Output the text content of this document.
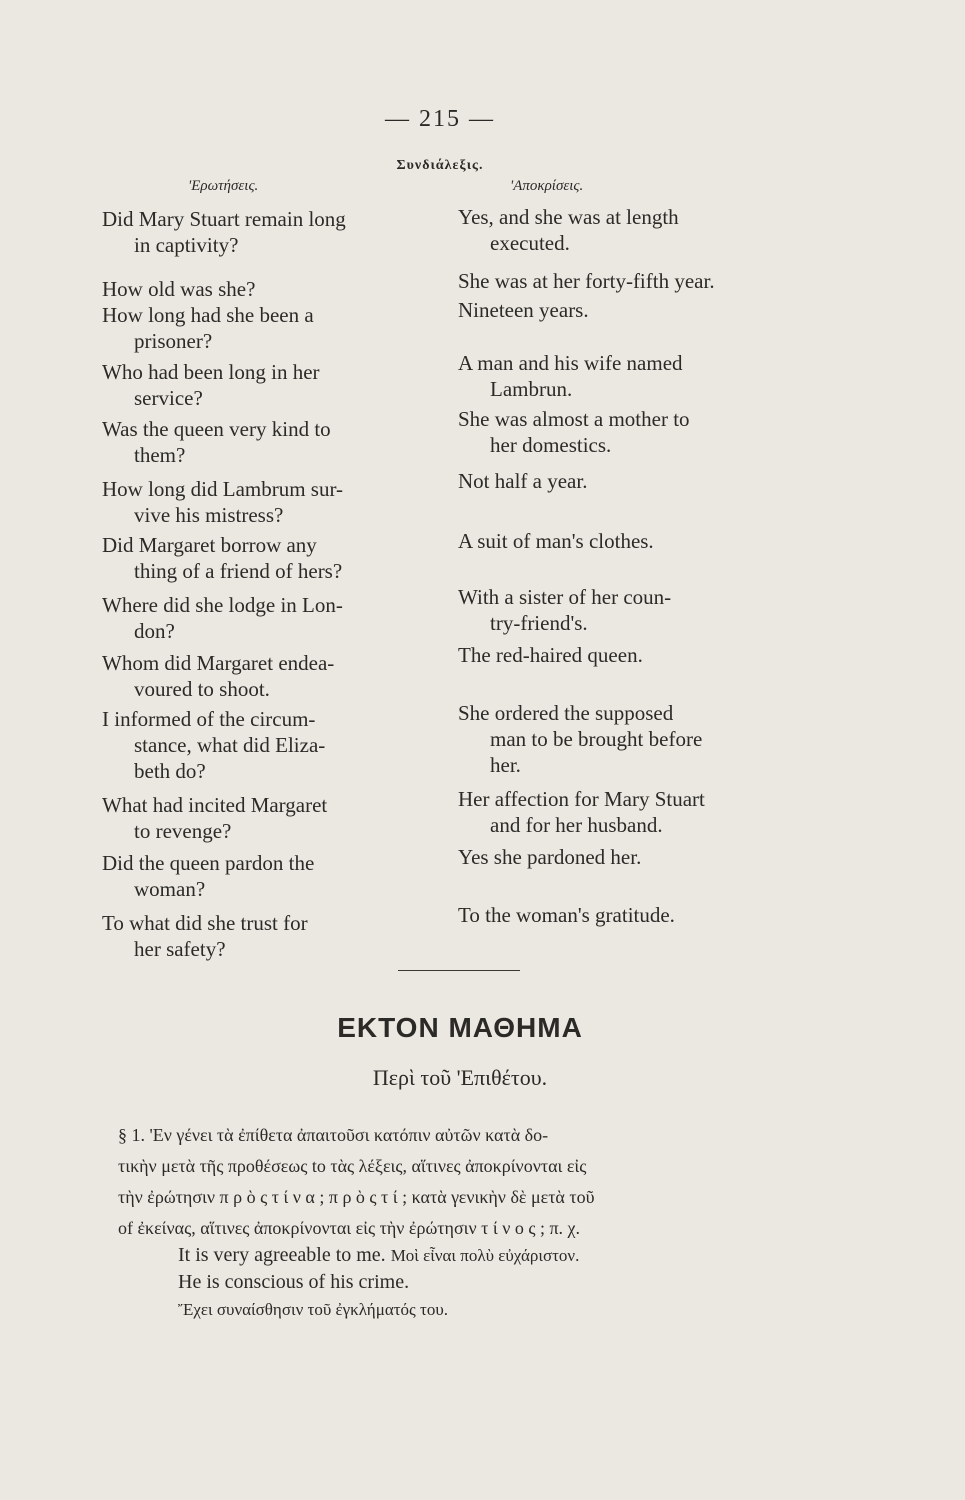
— 215 —
Συνδιάλεξις.
'Ερωτήσεις.	'Αποκρίσεις.
Did Mary Stuart remain long
in captivity?
How old was she?
How long had she been a
prisoner?
Who had been long in her
service?
Was the queen very kind to
them?
How long did Lambrum sur-
vive his mistress?
Did Margaret borrow any
thing of a friend of hers?
Where did she lodge in Lon-
don?
Whom did Margaret endea-
voured to shoot.
I informed of the circum-
stance, what did Eliza-
beth do?
What had incited Margaret
to revenge?
Did the queen pardon the
woman?
To what did she trust for
her safety?
Yes, and she was at length
executed.
She was at her forty-fifth year.
Nineteen years.
A man and his wife named
Lambrun.
She was almost a mother to
her domestics.
Not half a year.
A suit of man's clothes.
With a sister of her coun-
try-friend's.
The red-haired queen.
She ordered the supposed
man to be brought before
her.
Her affection for Mary Stuart
and for her husband.
Yes she pardoned her.
To the woman's gratitude.
ΕΚΤΟΝ ΜΑΘΗΜΑ
Περὶ τοῦ 'Επιθέτου.
§ 1. 'Εν γένει τὰ ἐπίθετα ἀπαιτοῦσι κατόπιν αὐτῶν κατὰ δο-
τικὴν μετὰ τῆς προθέσεως to τὰς λέξεις, αἵτινες ἀποκρίνονται εἰς
τὴν ἐρώτησιν π ρ ὸ ς τ ί ν α ; π ρ ὸ ς τ ί ; κατὰ γενικὴν δὲ μετὰ τοῦ
of ἐκείνας, αἵτινες ἀποκρίνονται εἰς τὴν ἐρώτησιν τ ί ν ο ς ; π. χ.
It is very agreeable to me. Μοὶ εἶναι πολὺ εὐχάριστον.
He is conscious of his crime.
Ἔχει συναίσθησιν τοῦ ἐγκλήματός του.
